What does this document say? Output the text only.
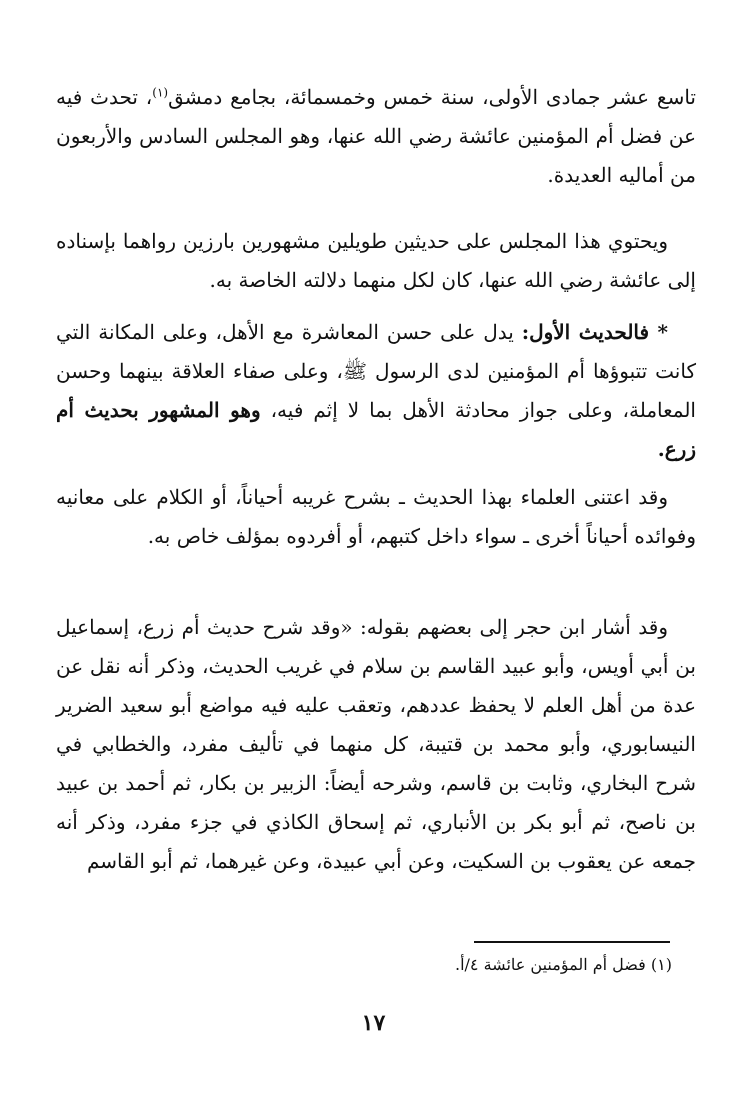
تاسع عشر جمادى الأولى، سنة خمس وخمسمائة، بجامع دمشق$^{(١)}$، تحدث فيه عن فضل أم المؤمنين عائشة رضي الله عنها، وهو المجلس السادس والأربعون من أماليه العديدة.
ويحتوي هذا المجلس على حديثين طويلين مشهورين بارزين رواهما بإسناده إلى عائشة رضي الله عنها، كان لكل منهما دلالته الخاصة به.
* فالحديث الأول: يدل على حسن المعاشرة مع الأهل، وعلى المكانة التي كانت تتبوؤها أم المؤمنين لدى الرسول ﷺ، وعلى صفاء العلاقة بينهما وحسن المعاملة، وعلى جواز محادثة الأهل بما لا إثم فيه، وهو المشهور بحديث أم زرع.
وقد اعتنى العلماء بهذا الحديث ـ بشرح غريبه أحياناً، أو الكلام على معانيه وفوائده أحياناً أخرى ـ سواء داخل كتبهم، أو أفردوه بمؤلف خاص به.
وقد أشار ابن حجر إلى بعضهم بقوله: «وقد شرح حديث أم زرع، إسماعيل بن أبي أويس، وأبو عبيد القاسم بن سلام في غريب الحديث، وذكر أنه نقل عن عدة من أهل العلم لا يحفظ عددهم، وتعقب عليه فيه مواضع أبو سعيد الضرير النيسابوري، وأبو محمد بن قتيبة، كل منهما في تأليف مفرد، والخطابي في شرح البخاري، وثابت بن قاسم، وشرحه أيضاً: الزبير بن بكار، ثم أحمد بن عبيد بن ناصح، ثم أبو بكر بن الأنباري، ثم إسحاق الكاذي في جزء مفرد، وذكر أنه جمعه عن يعقوب بن السكيت، وعن أبي عبيدة، وعن غيرهما، ثم أبو القاسم
(١) فضل أم المؤمنين عائشة ٤/أ.
١٧
